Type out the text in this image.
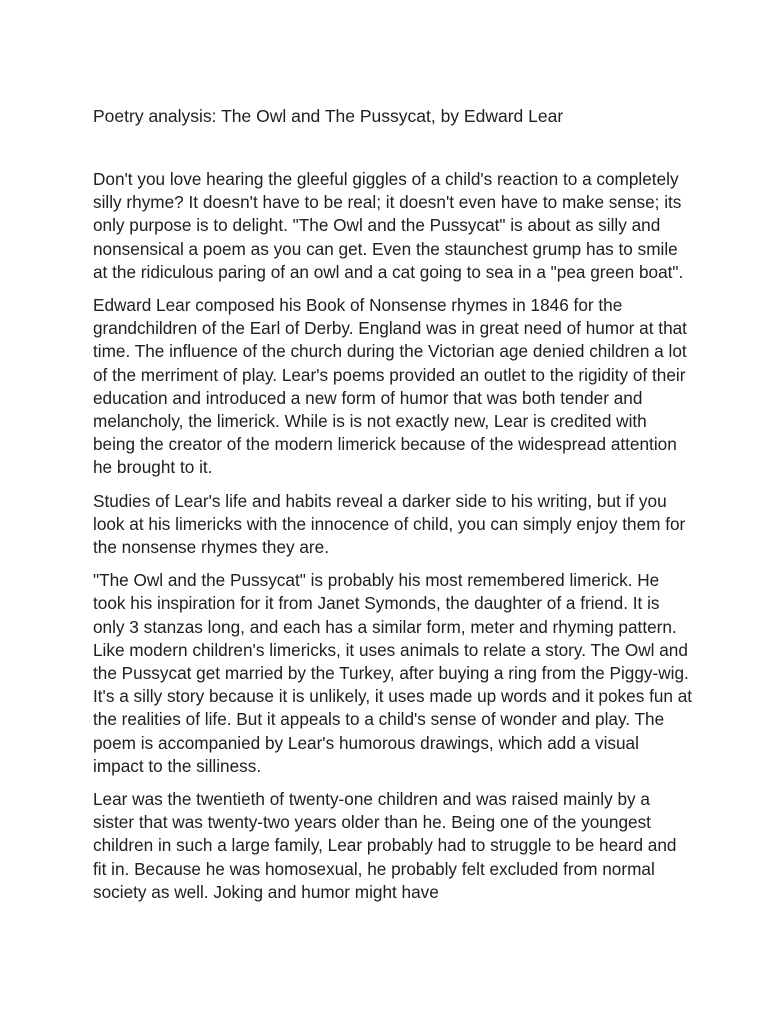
Poetry analysis: The Owl and The Pussycat, by Edward Lear

Don't you love hearing the gleeful giggles of a child's reaction to a completely silly rhyme? It doesn't have to be real; it doesn't even have to make sense; its only purpose is to delight. "The Owl and the Pussycat" is about as silly and nonsensical a poem as you can get. Even the staunchest grump has to smile at the ridiculous paring of an owl and a cat going to sea in a "pea green boat".

Edward Lear composed his Book of Nonsense rhymes in 1846 for the grandchildren of the Earl of Derby. England was in great need of humor at that time. The influence of the church during the Victorian age denied children a lot of the merriment of play. Lear's poems provided an outlet to the rigidity of their education and introduced a new form of humor that was both tender and melancholy, the limerick. While is is not exactly new, Lear is credited with being the creator of the modern limerick because of the widespread attention he brought to it.

Studies of Lear's life and habits reveal a darker side to his writing, but if you look at his limericks with the innocence of child, you can simply enjoy them for the nonsense rhymes they are.

"The Owl and the Pussycat" is probably his most remembered limerick. He took his inspiration for it from Janet Symonds, the daughter of a friend. It is only 3 stanzas long, and each has a similar form, meter and rhyming pattern. Like modern children's limericks, it uses animals to relate a story. The Owl and the Pussycat get married by the Turkey, after buying a ring from the Piggy-wig. It's a silly story because it is unlikely, it uses made up words and it pokes fun at the realities of life. But it appeals to a child's sense of wonder and play. The poem is accompanied by Lear's humorous drawings, which add a visual impact to the silliness.

Lear was the twentieth of twenty-one children and was raised mainly by a sister that was twenty-two years older than he. Being one of the youngest children in such a large family, Lear probably had to struggle to be heard and fit in. Because he was homosexual, he probably felt excluded from normal society as well. Joking and humor might have
